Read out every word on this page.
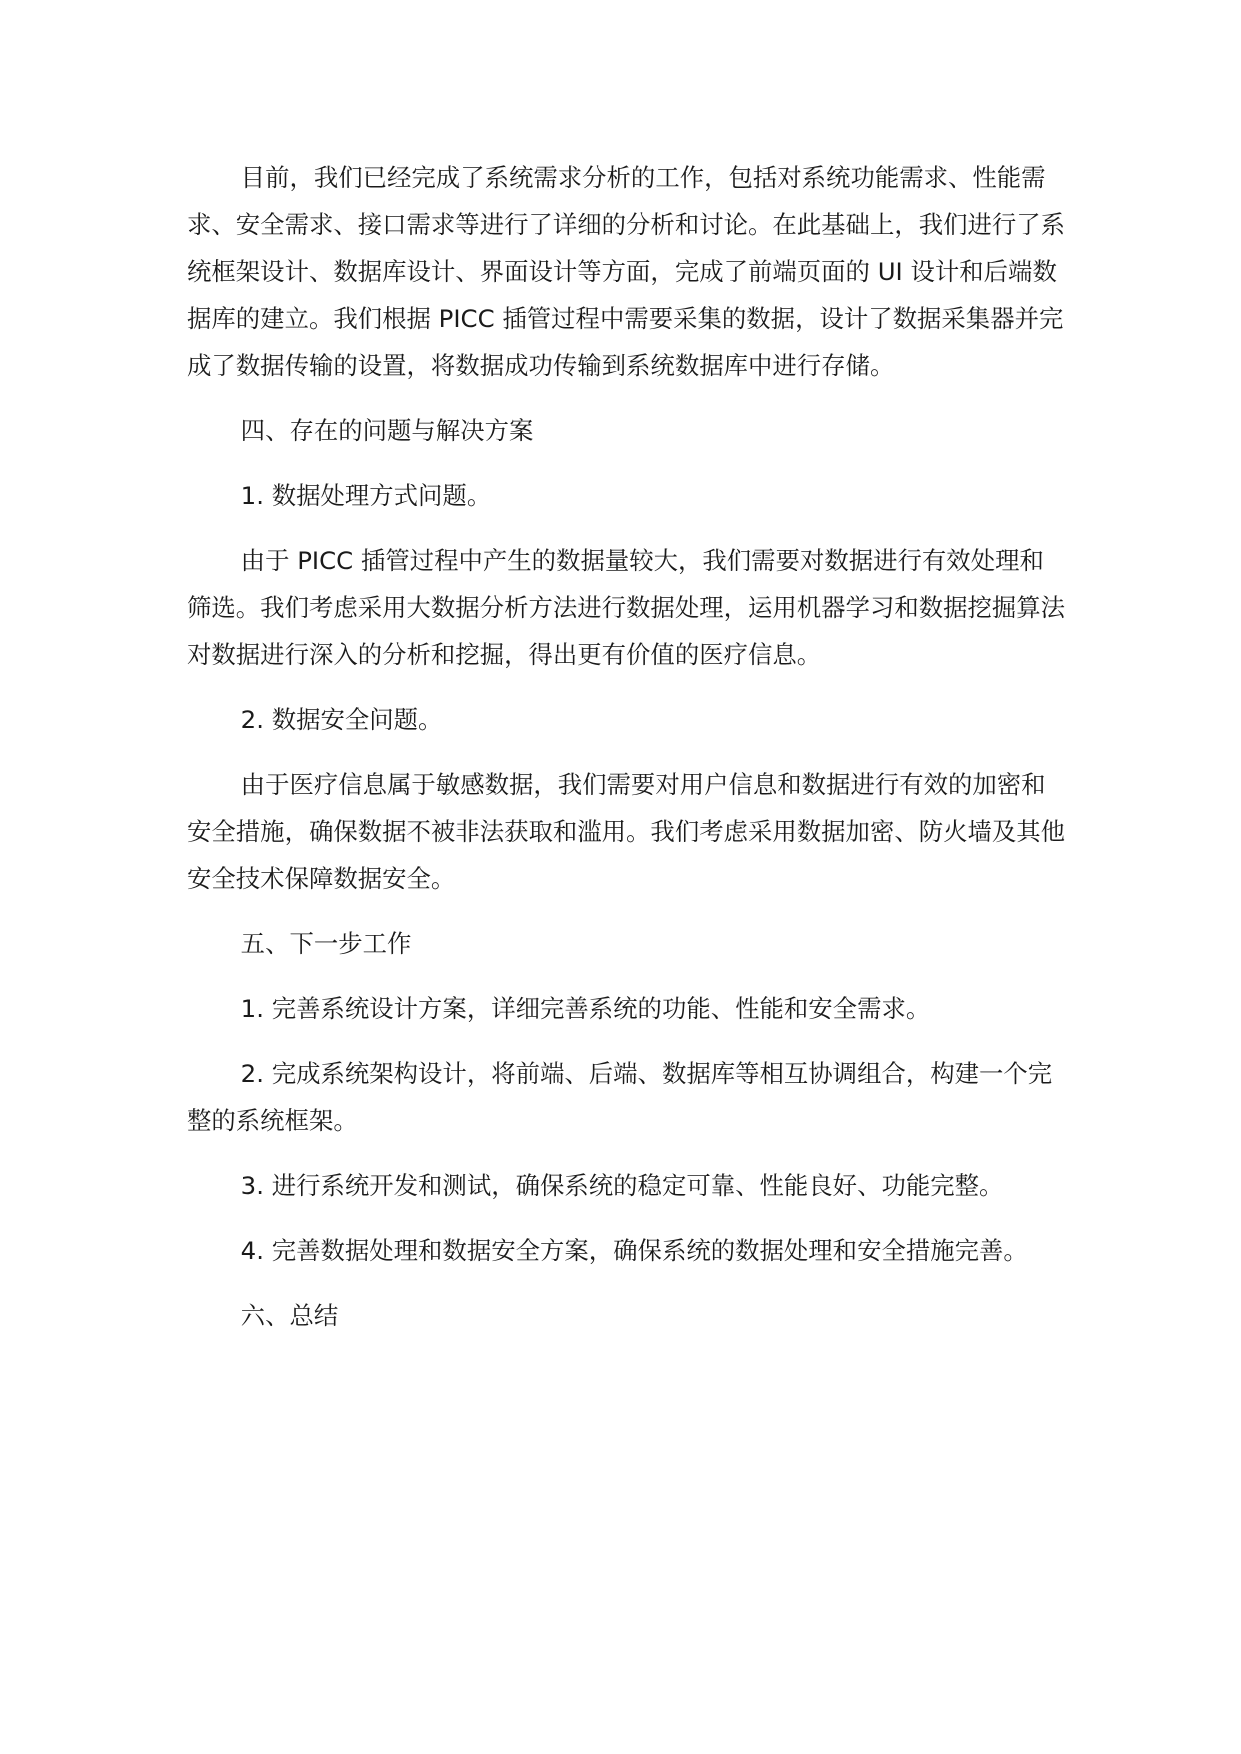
目前，我们已经完成了系统需求分析的工作，包括对系统功能需求、性能需求、安全需求、接口需求等进行了详细的分析和讨论。在此基础上，我们进行了系统框架设计、数据库设计、界面设计等方面，完成了前端页面的 UI 设计和后端数据库的建立。我们根据 PICC 插管过程中需要采集的数据，设计了数据采集器并完成了数据传输的设置，将数据成功传输到系统数据库中进行存储。

四、存在的问题与解决方案

1. 数据处理方式问题。

由于 PICC 插管过程中产生的数据量较大，我们需要对数据进行有效处理和筛选。我们考虑采用大数据分析方法进行数据处理，运用机器学习和数据挖掘算法对数据进行深入的分析和挖掘，得出更有价值的医疗信息。

2. 数据安全问题。

由于医疗信息属于敏感数据，我们需要对用户信息和数据进行有效的加密和安全措施，确保数据不被非法获取和滥用。我们考虑采用数据加密、防火墙及其他安全技术保障数据安全。

五、下一步工作

1. 完善系统设计方案，详细完善系统的功能、性能和安全需求。

2. 完成系统架构设计，将前端、后端、数据库等相互协调组合，构建一个完整的系统框架。

3. 进行系统开发和测试，确保系统的稳定可靠、性能良好、功能完整。

4. 完善数据处理和数据安全方案，确保系统的数据处理和安全措施完善。

六、总结
